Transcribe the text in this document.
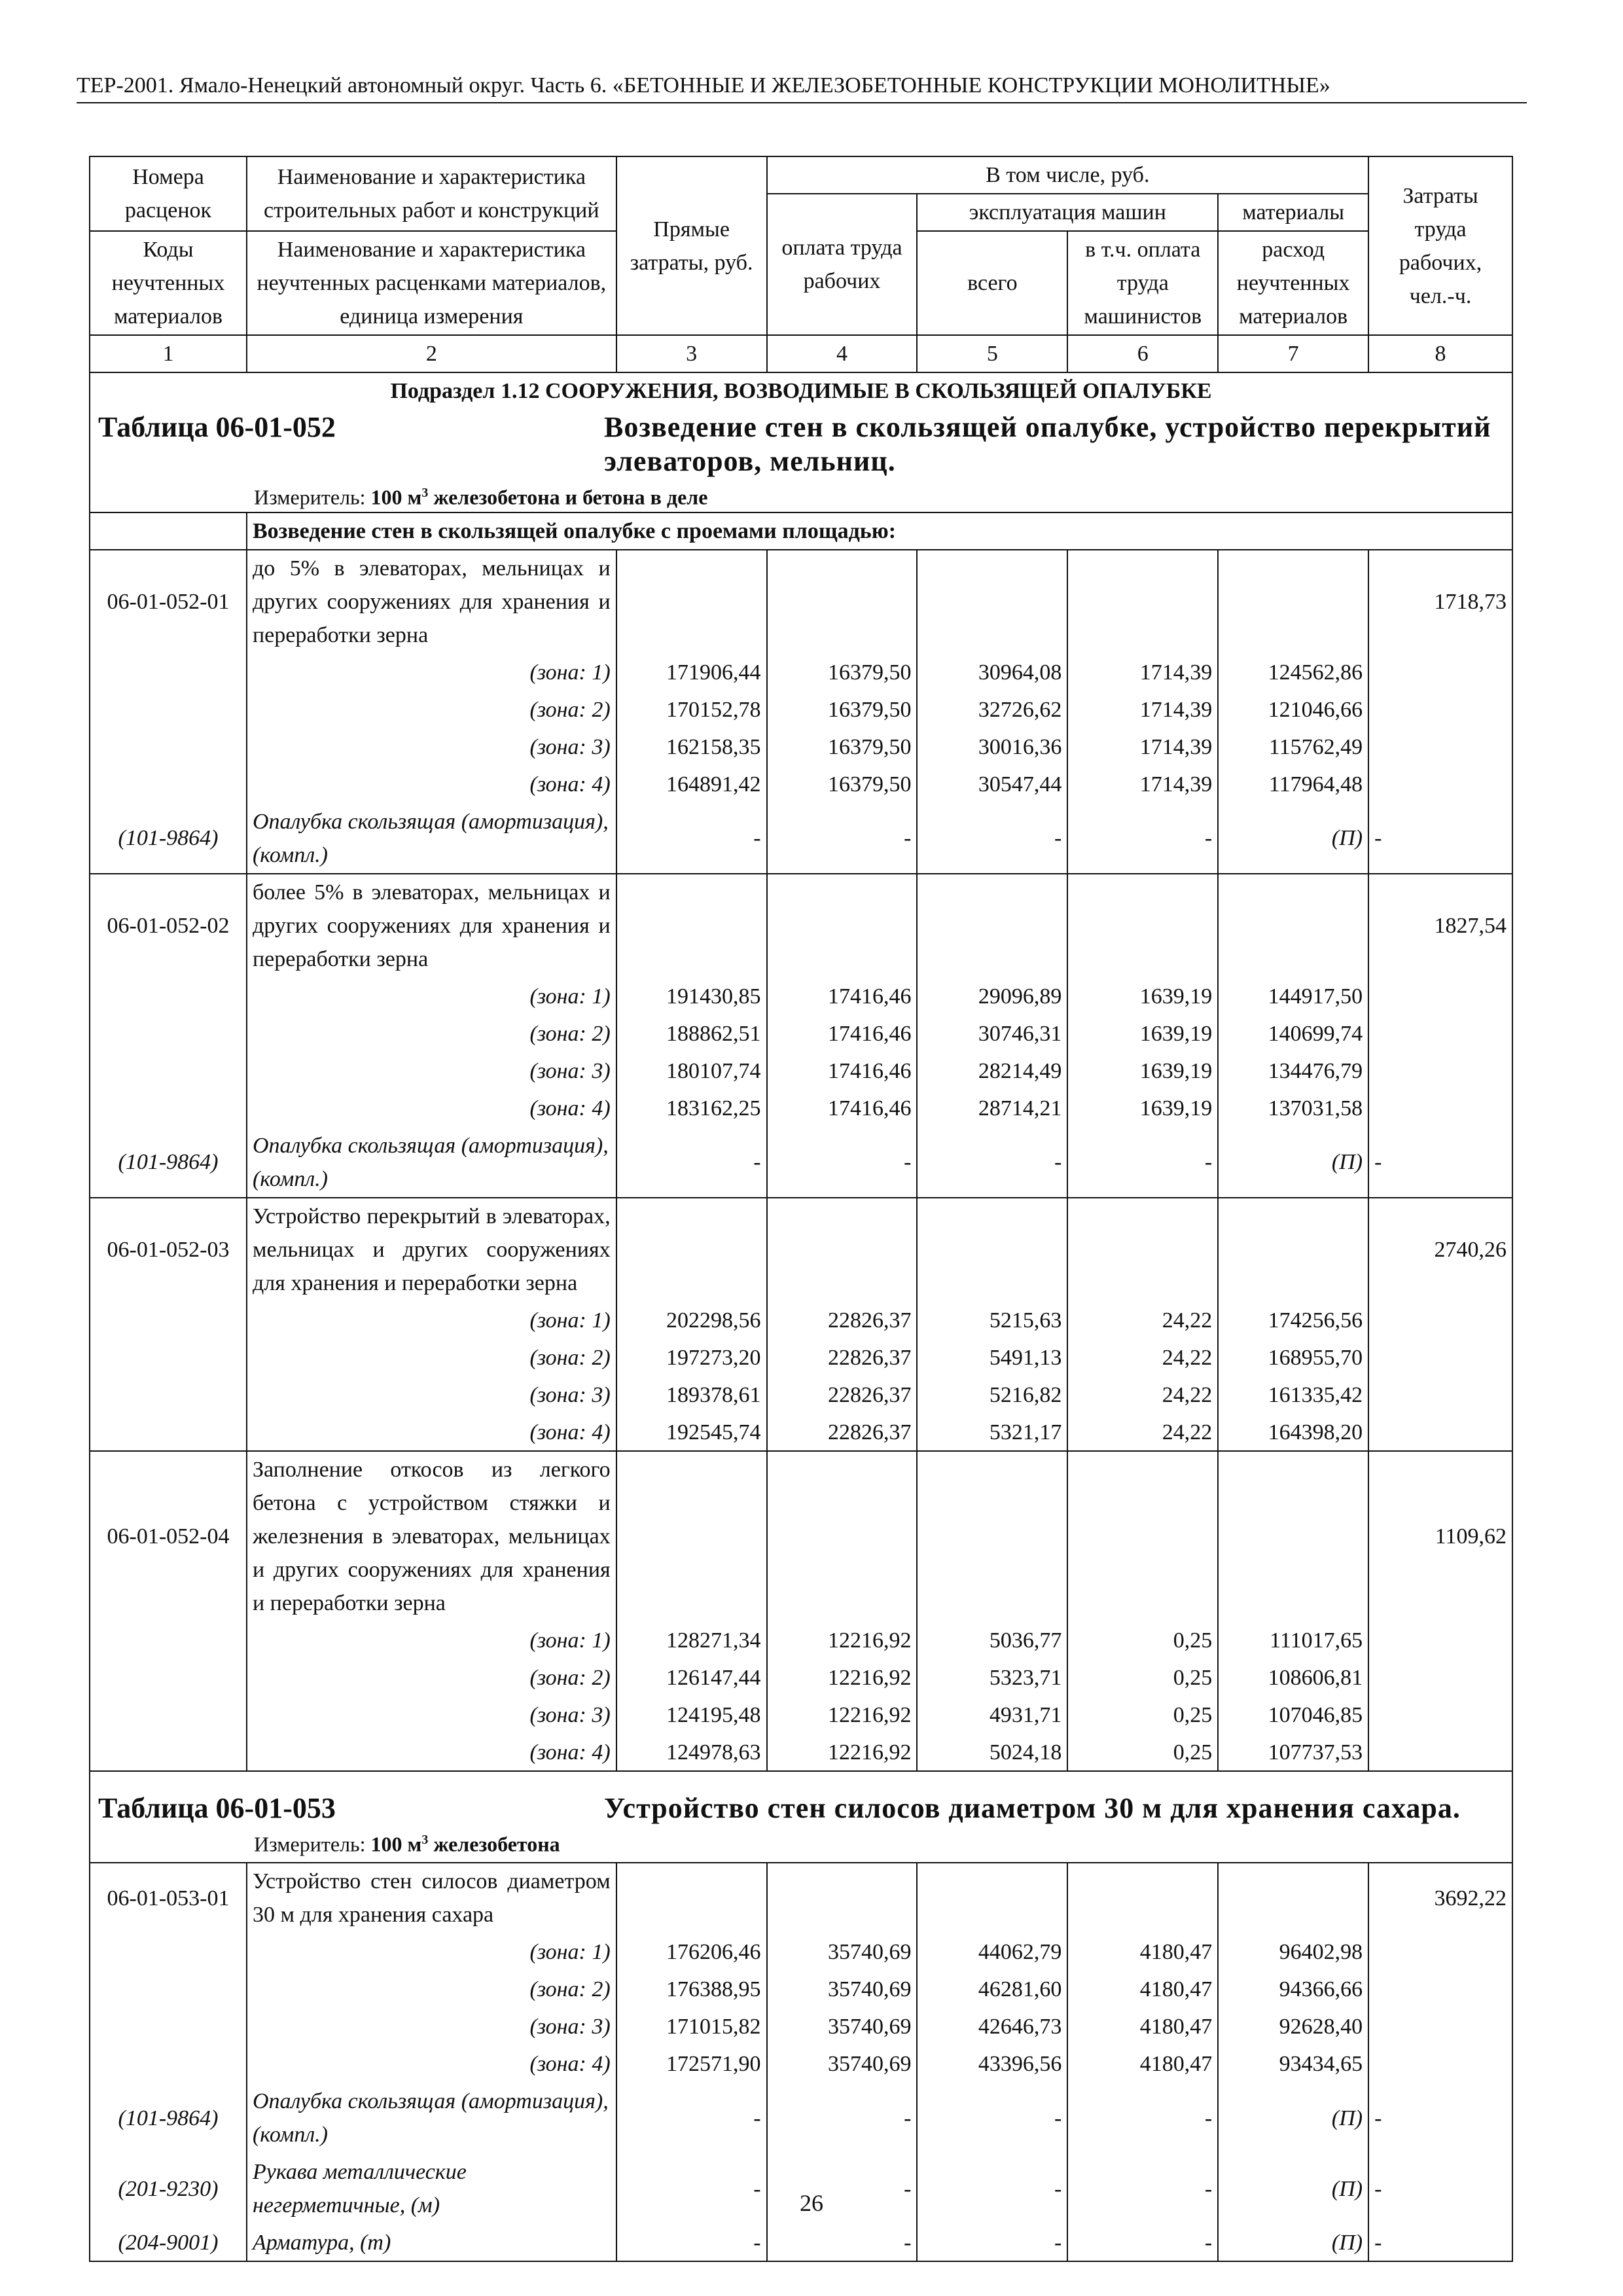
ТЕР-2001. Ямало-Ненецкий автономный округ. Часть 6. «БЕТОННЫЕ И ЖЕЛЕЗОБЕТОННЫЕ КОНСТРУКЦИИ МОНОЛИТНЫЕ»
Номера расценок	Наименование и характеристика строительных работ и конструкций	Прямые затраты, руб.	В том числе, руб.				Затраты труда рабочих, чел.-ч.
			оплата труда рабочих	эксплуатация машин		материалы	
Коды неучтенных материалов	Наименование и характеристика неучтенных расценками материалов, единица измерения			всего	в т.ч. оплата труда машинистов	расход неучтенных материалов	

1	2	3	4	5	6	7	8
Подраздел 1.12 СООРУЖЕНИЯ, ВОЗВОДИМЫЕ В СКОЛЬЗЯЩЕЙ ОПАЛУБКЕ							

Таблица 06-01-052 Возведение стен в скользящей опалубке, устройство перекрытий элеваторов, мельниц.
Измеритель: 100 $м^3$ железобетона и бетона в деле							

	Возведение стен в скользящей опалубке с проемами площадью:						
06-01-052-01	до 5% в элеваторах, мельницах и других сооружениях для хранения и переработки зерна						1718,73
	(зона: 1)	171906,44	16379,50	30964,08	1714,39	124562,86	
	(зона: 2)	170152,78	16379,50	32726,62	1714,39	121046,66	
	(зона: 3)	162158,35	16379,50	30016,36	1714,39	115762,49	
	(зона: 4)	164891,42	16379,50	30547,44	1714,39	117964,48	
(101-9864)	Опалубка скользящая (амортизация), (компл.)	-	-	-	-	(П)	-
06-01-052-02	более 5% в элеваторах, мельницах и других сооружениях для хранения и переработки зерна						1827,54
	(зона: 1)	191430,85	17416,46	29096,89	1639,19	144917,50	
	(зона: 2)	188862,51	17416,46	30746,31	1639,19	140699,74	
	(зона: 3)	180107,74	17416,46	28214,49	1639,19	134476,79	
	(зона: 4)	183162,25	17416,46	28714,21	1639,19	137031,58	
(101-9864)	Опалубка скользящая (амортизация), (компл.)	-	-	-	-	(П)	-
06-01-052-03	Устройство перекрытий в элеваторах, мельницах и других сооружениях для хранения и переработки зерна						2740,26
	(зона: 1)	202298,56	22826,37	5215,63	24,22	174256,56	
	(зона: 2)	197273,20	22826,37	5491,13	24,22	168955,70	
	(зона: 3)	189378,61	22826,37	5216,82	24,22	161335,42	
	(зона: 4)	192545,74	22826,37	5321,17	24,22	164398,20	
06-01-052-04	Заполнение откосов из легкого бетона с устройством стяжки и железнения в элеваторах, мельницах и других сооружениях для хранения и переработки зерна						1109,62
	(зона: 1)	128271,34	12216,92	5036,77	0,25	111017,65	
	(зона: 2)	126147,44	12216,92	5323,71	0,25	108606,81	
	(зона: 3)	124195,48	12216,92	4931,71	0,25	107046,85	
	(зона: 4)	124978,63	12216,92	5024,18	0,25	107737,53	

Таблица 06-01-053 Устройство стен силосов диаметром 30 м для хранения сахара.
Измеритель: 100 $м^3$ железобетона							

06-01-053-01	Устройство стен силосов диаметром 30 м для хранения сахара						3692,22
	(зона: 1)	176206,46	35740,69	44062,79	4180,47	96402,98	
	(зона: 2)	176388,95	35740,69	46281,60	4180,47	94366,66	
	(зона: 3)	171015,82	35740,69	42646,73	4180,47	92628,40	
	(зона: 4)	172571,90	35740,69	43396,56	4180,47	93434,65	
(101-9864)	Опалубка скользящая (амортизация), (компл.)	-	-	-	-	(П)	-
(201-9230)	Рукава металлические негерметичные, (м)	-	-	-	-	(П)	-
(204-9001)	Арматура, (т)	-	-	-	-	(П)	-
26
